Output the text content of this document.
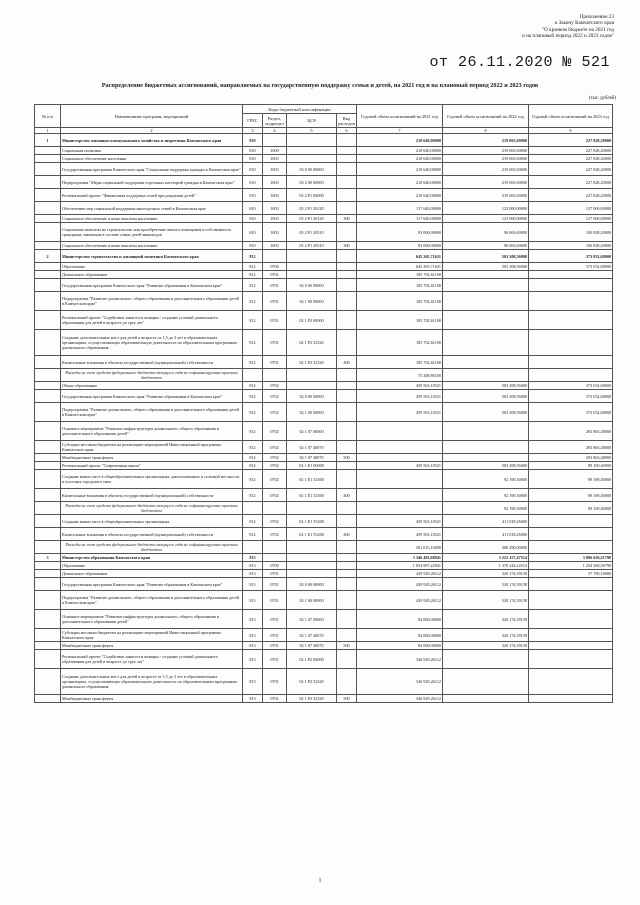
Приложение 23
к Закону Камчатского края
"О краевом бюджете на 2021 год
и на плановый период 2022 и 2023 годов"
от 26.11.2020 № 521
Распределение бюджетных ассигнований, направляемых на государственную поддержку семьи и детей, на 2021 год и на плановый период 2022 и 2023 годов
(тыс. рублей)
№ п/п	Наименование программ, мероприятий	Коды бюджетной классификации				Годовой объем ассигнований на 2021 год	Годовой объем ассигнований на 2022 год	Годовой объем ассигнований на 2023 год
		ГРБС	Раздел, подраздел	ЦСР	Вид расходов			
1	2	3	4	5	6	7	8	9
1	Министерство жилищно-коммунального хозяйства и энергетики Камчатского края	810				210 640,00000	219 065,60000	227 828,20000
	Социальная политика	810	1000			210 640,00000	219 065,60000	227 828,20000
	Социальное обеспечение населения	810	1003			210 640,00000	219 065,60000	227 828,20000
	Государственная программа Камчатского края "Социальная поддержка граждан в Камчатском крае"	810	1003	03 0 00 00000		210 640,00000	219 065,60000	227 828,20000
	Подпрограмма "Меры социальной поддержки отдельных категорий граждан в Камчатском крае"	810	1003	03 2 00 00000		210 640,00000	219 065,60000	227 828,20000
	Региональный проект "Финансовая поддержка семей при рождении детей"	810	1003	03 2 P1 00000		210 640,00000	219 065,60000	227 828,20000
	Обеспечение мер социальной поддержки многодетных семей в Камчатском крае	810	1003	03 2 P1 20120		117 640,00000	123 000,00000	127 000,00000
	Социальное обеспечение и иные выплаты населению	810	1003	03 2 P1 20120	300	117 640,00000	123 000,00000	127 000,00000
	Социальные выплаты на строительство или приобретение жилого помещения в собственность гражданам, имеющим в составе семьи детей-инвалидов	810	1003	03 2 P1 20510		93 000,00000	96 065,60000	100 828,20000
	Социальное обеспечение и иные выплаты населению	810	1003	03 2 P1 20510	300	93 000,00000	96 065,60000	100 828,20000
2	Министерство строительства и жилищной политики Камчатского края	812				645 265,71621	503 208,56000	373 032,68000
	Образование	812	0700			645 265,71621	503 208,56000	373 032,68000
	Дошкольное образование	812	0701			185 702,61100		
	Государственная программа Камчатского края "Развитие образования в Камчатском крае"	812	0701	02 0 00 00000		185 702,61100		
	Подпрограмма "Развитие дошкольного, общего образования и дополнительного образования детей в Камчатском крае"	812	0701	02 1 00 00000		185 702,61100		
	Региональный проект "Содействие занятости женщин - создание условий дошкольного образования для детей в возрасте до трех лет"	812	0701	02 1 P2 00000		185 702,61100		
	Создание дополнительных мест для детей в возрасте от 1,5 до 3 лет в образовательных организациях, осуществляющих образовательную деятельность по образовательным программам дошкольного образования	812	0701	02 1 P2 52320		185 702,61100		
	Капитальные вложения в объекты государственной (муниципальной) собственности	812	0701	02 1 P2 52320	400	185 702,61100		
	Расходы не счет средств федерального бюджета текущего года не софинансируемые краевым бюджетом					75 208,86100		
	Общее образование	812	0702			459 563,10521	503 208,56000	373 032,68000
	Государственная программа Камчатского края "Развитие образования в Камчатском крае"	812	0702	02 0 00 00000		459 563,10521	503 208,56000	373 032,68000
	Подпрограмма "Развитие дошкольного, общего образования и дополнительного образования детей в Камчатском крае"	812	0702	02 1 00 00000		459 563,10521	503 208,56000	373 032,68000
	Основное мероприятие "Развитие инфраструктуры дошкольного, общего образования и дополнительного образования детей"	812	0702	02 1 07 00000				283 863,28000
	Субсидии местным бюджетам на реализацию мероприятий Инвестиционной программы Камчатского края	812	0702	02 1 07 40070				283 863,28000
	Межбюджетные трансферты	812	0702	02 1 07 40070	500			283 863,28000
	Региональный проект "Современная школа"	812	0702	02 1 E1 00000		459 563,10521	503 208,56000	89 169,40000
	Создание новых мест в общеобразовательных организациях, расположенных в сельской местности и поселках городского типа	812	0702	02 1 E1 52300			92 190,30000	89 169,40000
	Капитальные вложения в объекты государственной (муниципальной) собственности	812	0702	02 1 E1 52300	400		92 190,30000	89 169,40000
	Расходы не счет средств федерального бюджета текущего года не софинансируемые краевым бюджетом						92 190,30000	89 169,40000
	Создание новых мест в общеобразовательных организациях	812	0702	02 1 E1 55200		459 563,10521	411 018,26000	
	Капитальные вложения в объекты государственной (муниципальной) собственности	812	0702	02 1 E1 55200	400	459 563,10521	411 018,26000	
	Расходы не счет средств федерального бюджета текущего года не софинансируемые краевым бюджетом					301 015,10000	300 290,00000	
3	Министерство образования Камчатского края	813				3 346 482,68941	3 222 157,47514	3 006 626,21790
	Образование	813	0700			1 054 987,22941	1 370 244,22514	1 254 369,56790
	Дошкольное образование	813	0701			430 929,26112	320 174,39158	37 700,16000
	Государственная программа Камчатского края "Развитие образования в Камчатском крае"	813	0701	02 0 00 00000		430 929,26112	320 174,39158	
	Подпрограмма "Развитие дошкольного, общего образования и дополнительного образования детей в Камчатском крае"	813	0701	02 1 00 00000		430 929,26112	320 174,39158	
	Основное мероприятие "Развитие инфраструктуры дошкольного, общего образования и дополнительного образования детей"	813	0701	02 1 07 00000		84 000,00000	320 174,39158	
	Субсидии местным бюджетам на реализацию мероприятий Инвестиционной программы Камчатского края	813	0701	02 1 07 40070		84 000,00000	320 174,39158	
	Межбюджетные трансферты	813	0701	02 1 07 40070	500	84 000,00000	320 174,39158	
	Региональный проект "Содействие занятости женщин - создание условий дошкольного образования для детей в возрасте до трех лет"	813	0701	02 1 P2 00000		346 929,26112		
	Создание дополнительных мест для детей в возрасте от 1,5 до 3 лет в образовательных организациях, осуществляющих образовательную деятельность по образовательным программам дошкольного образования	813	0701	02 1 P2 52320		346 929,26112		
	Межбюджетные трансферты	813	0701	02 1 P2 52320	500	346 929,26112		
1
